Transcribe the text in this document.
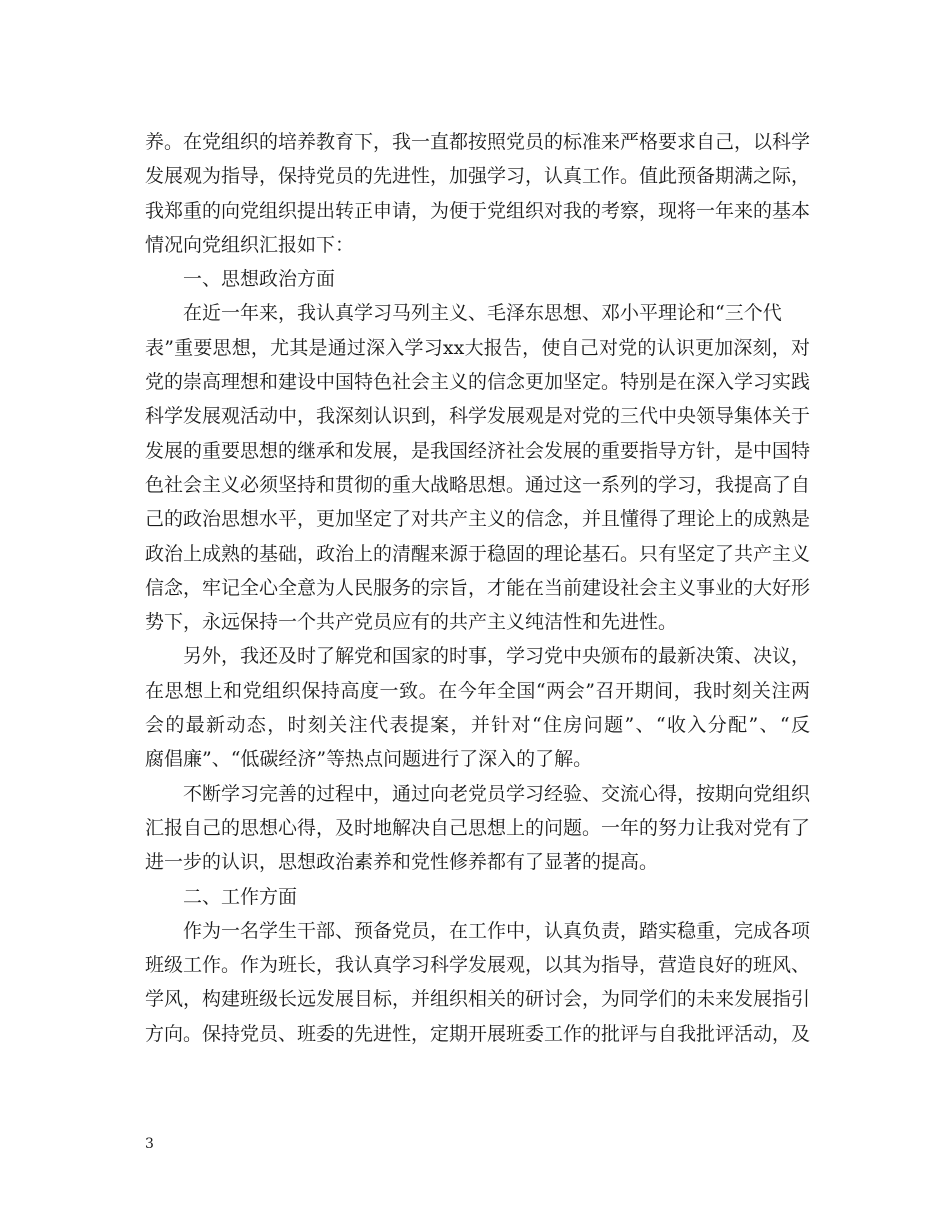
养。在党组织的培养教育下，我一直都按照党员的标准来严格要求自己，以科学
发展观为指导，保持党员的先进性，加强学习，认真工作。值此预备期满之际，
我郑重的向党组织提出转正申请，为便于党组织对我的考察，现将一年来的基本
情况向党组织汇报如下：
一、思想政治方面
在近一年来，我认真学习马列主义、毛泽东思想、邓小平理论和“三个代
表”重要思想，尤其是通过深入学习xx大报告，使自己对党的认识更加深刻，对
党的崇高理想和建设中国特色社会主义的信念更加坚定。特别是在深入学习实践
科学发展观活动中，我深刻认识到，科学发展观是对党的三代中央领导集体关于
发展的重要思想的继承和发展，是我国经济社会发展的重要指导方针，是中国特
色社会主义必须坚持和贯彻的重大战略思想。通过这一系列的学习，我提高了自
己的政治思想水平，更加坚定了对共产主义的信念，并且懂得了理论上的成熟是
政治上成熟的基础，政治上的清醒来源于稳固的理论基石。只有坚定了共产主义
信念，牢记全心全意为人民服务的宗旨，才能在当前建设社会主义事业的大好形
势下，永远保持一个共产党员应有的共产主义纯洁性和先进性。
另外，我还及时了解党和国家的时事，学习党中央颁布的最新决策、决议，
在思想上和党组织保持高度一致。在今年全国“两会”召开期间，我时刻关注两
会的最新动态，时刻关注代表提案，并针对“住房问题”、“收入分配”、“反
腐倡廉”、“低碳经济”等热点问题进行了深入的了解。
不断学习完善的过程中，通过向老党员学习经验、交流心得，按期向党组织
汇报自己的思想心得，及时地解决自己思想上的问题。一年的努力让我对党有了
进一步的认识，思想政治素养和党性修养都有了显著的提高。
二、工作方面
作为一名学生干部、预备党员，在工作中，认真负责，踏实稳重，完成各项
班级工作。作为班长，我认真学习科学发展观，以其为指导，营造良好的班风、
学风，构建班级长远发展目标，并组织相关的研讨会，为同学们的未来发展指引
方向。保持党员、班委的先进性，定期开展班委工作的批评与自我批评活动，及
3
